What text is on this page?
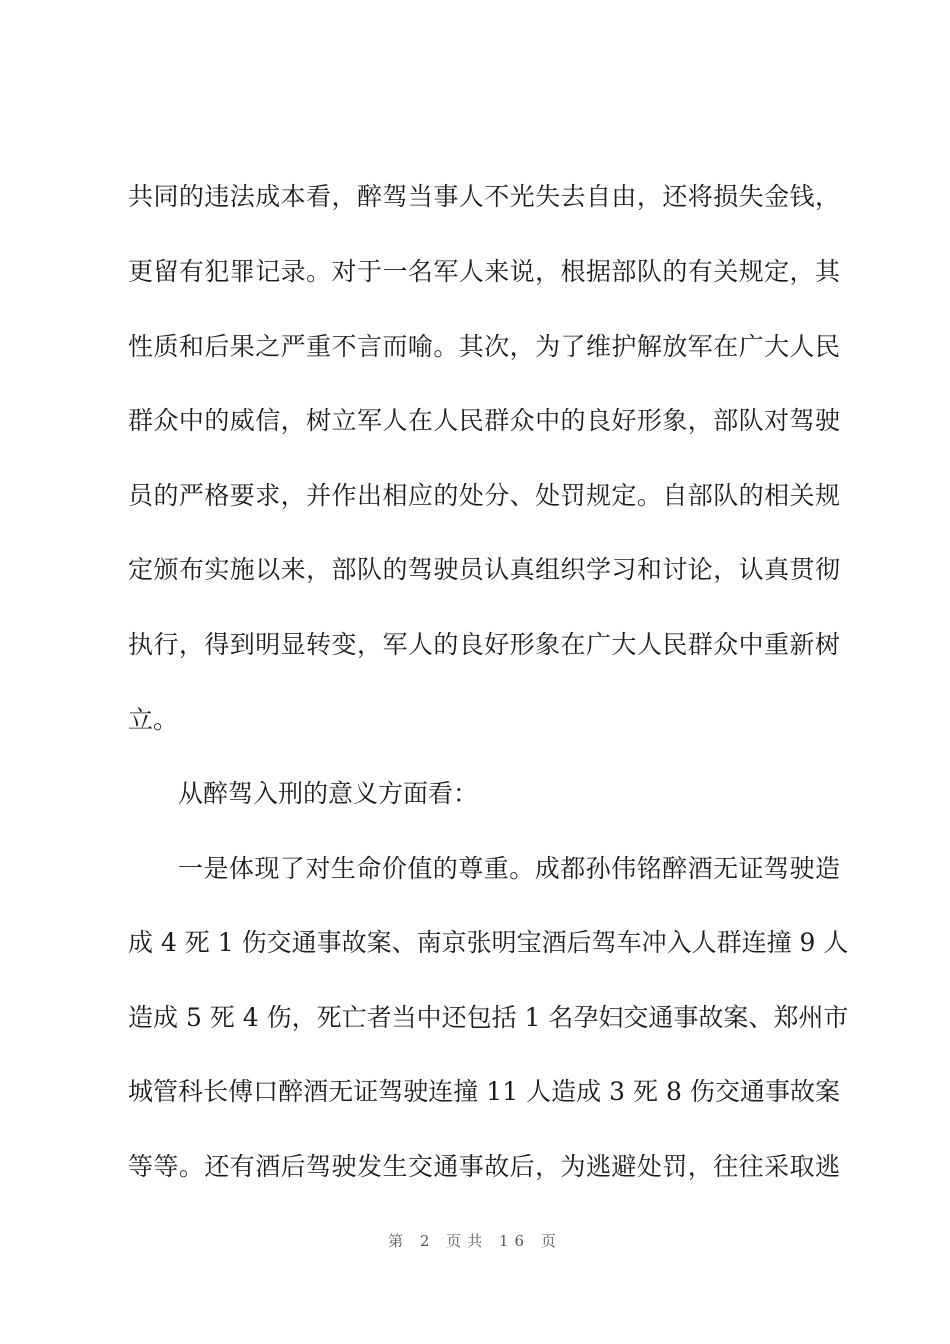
共同的违法成本看，醉驾当事人不光失去自由，还将损失金钱，
更留有犯罪记录。对于一名军人来说，根据部队的有关规定，其
性质和后果之严重不言而喻。其次，为了维护解放军在广大人民
群众中的威信，树立军人在人民群众中的良好形象，部队对驾驶
员的严格要求，并作出相应的处分、处罚规定。自部队的相关规
定颁布实施以来，部队的驾驶员认真组织学习和讨论，认真贯彻
执行，得到明显转变，军人的良好形象在广大人民群众中重新树
立。
从醉驾入刑的意义方面看：
一是体现了对生命价值的尊重。成都孙伟铭醉酒无证驾驶造
成 4 死 1 伤交通事故案、南京张明宝酒后驾车冲入人群连撞 9 人
造成 5 死 4 伤，死亡者当中还包括 1 名孕妇交通事故案、郑州市
城管科长傅口醉酒无证驾驶连撞 11 人造成 3 死 8 伤交通事故案
等等。还有酒后驾驶发生交通事故后，为逃避处罚，往往采取逃
第 2 页共 16 页
